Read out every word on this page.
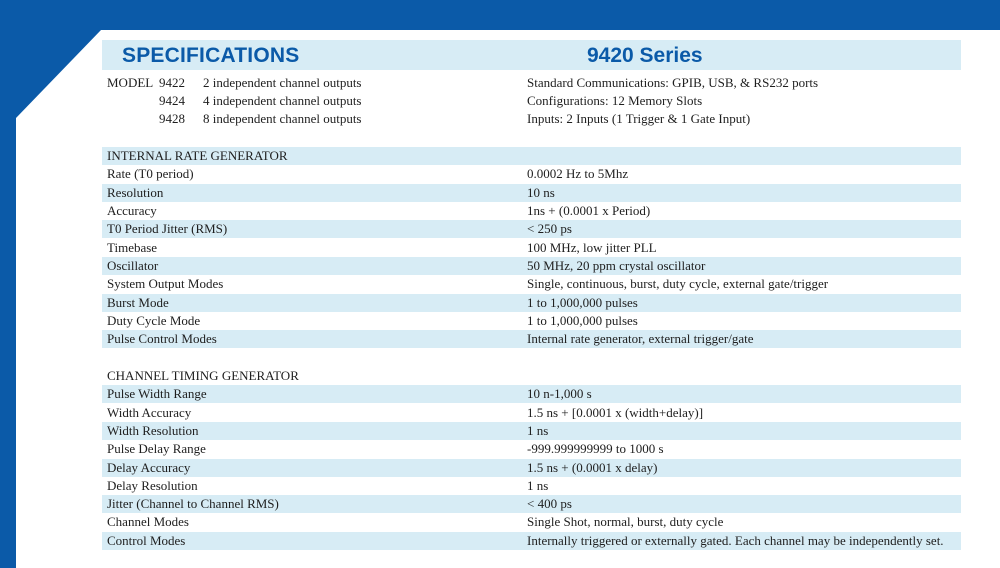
SPECIFICATIONS	9420 Series
MODEL 9422 2 independent channel outputs
9424 4 independent channel outputs
9428 8 independent channel outputs
Standard Communications: GPIB, USB, & RS232 ports
Configurations: 12 Memory Slots
Inputs: 2 Inputs (1 Trigger & 1 Gate Input)
INTERNAL RATE GENERATOR
Rate (T0 period)	0.0002 Hz to 5Mhz
Resolution	10 ns
Accuracy	1ns + (0.0001 x Period)
T0 Period Jitter (RMS)	< 250 ps
Timebase	100 MHz, low jitter PLL
Oscillator	50 MHz, 20 ppm crystal oscillator
System Output Modes	Single, continuous, burst, duty cycle, external gate/trigger
Burst Mode	1 to 1,000,000 pulses
Duty Cycle Mode	1 to 1,000,000 pulses
Pulse Control Modes	Internal rate generator, external trigger/gate
CHANNEL TIMING GENERATOR
Pulse Width Range	10 n-1,000 s
Width Accuracy	1.5 ns + [0.0001 x (width+delay)]
Width Resolution	1 ns
Pulse Delay Range	-999.999999999 to 1000 s
Delay Accuracy	1.5 ns + (0.0001 x delay)
Delay Resolution	1 ns
Jitter (Channel to Channel RMS)	< 400 ps
Channel Modes	Single Shot, normal, burst, duty cycle
Control Modes	Internally triggered or externally gated. Each channel may be independently set.
